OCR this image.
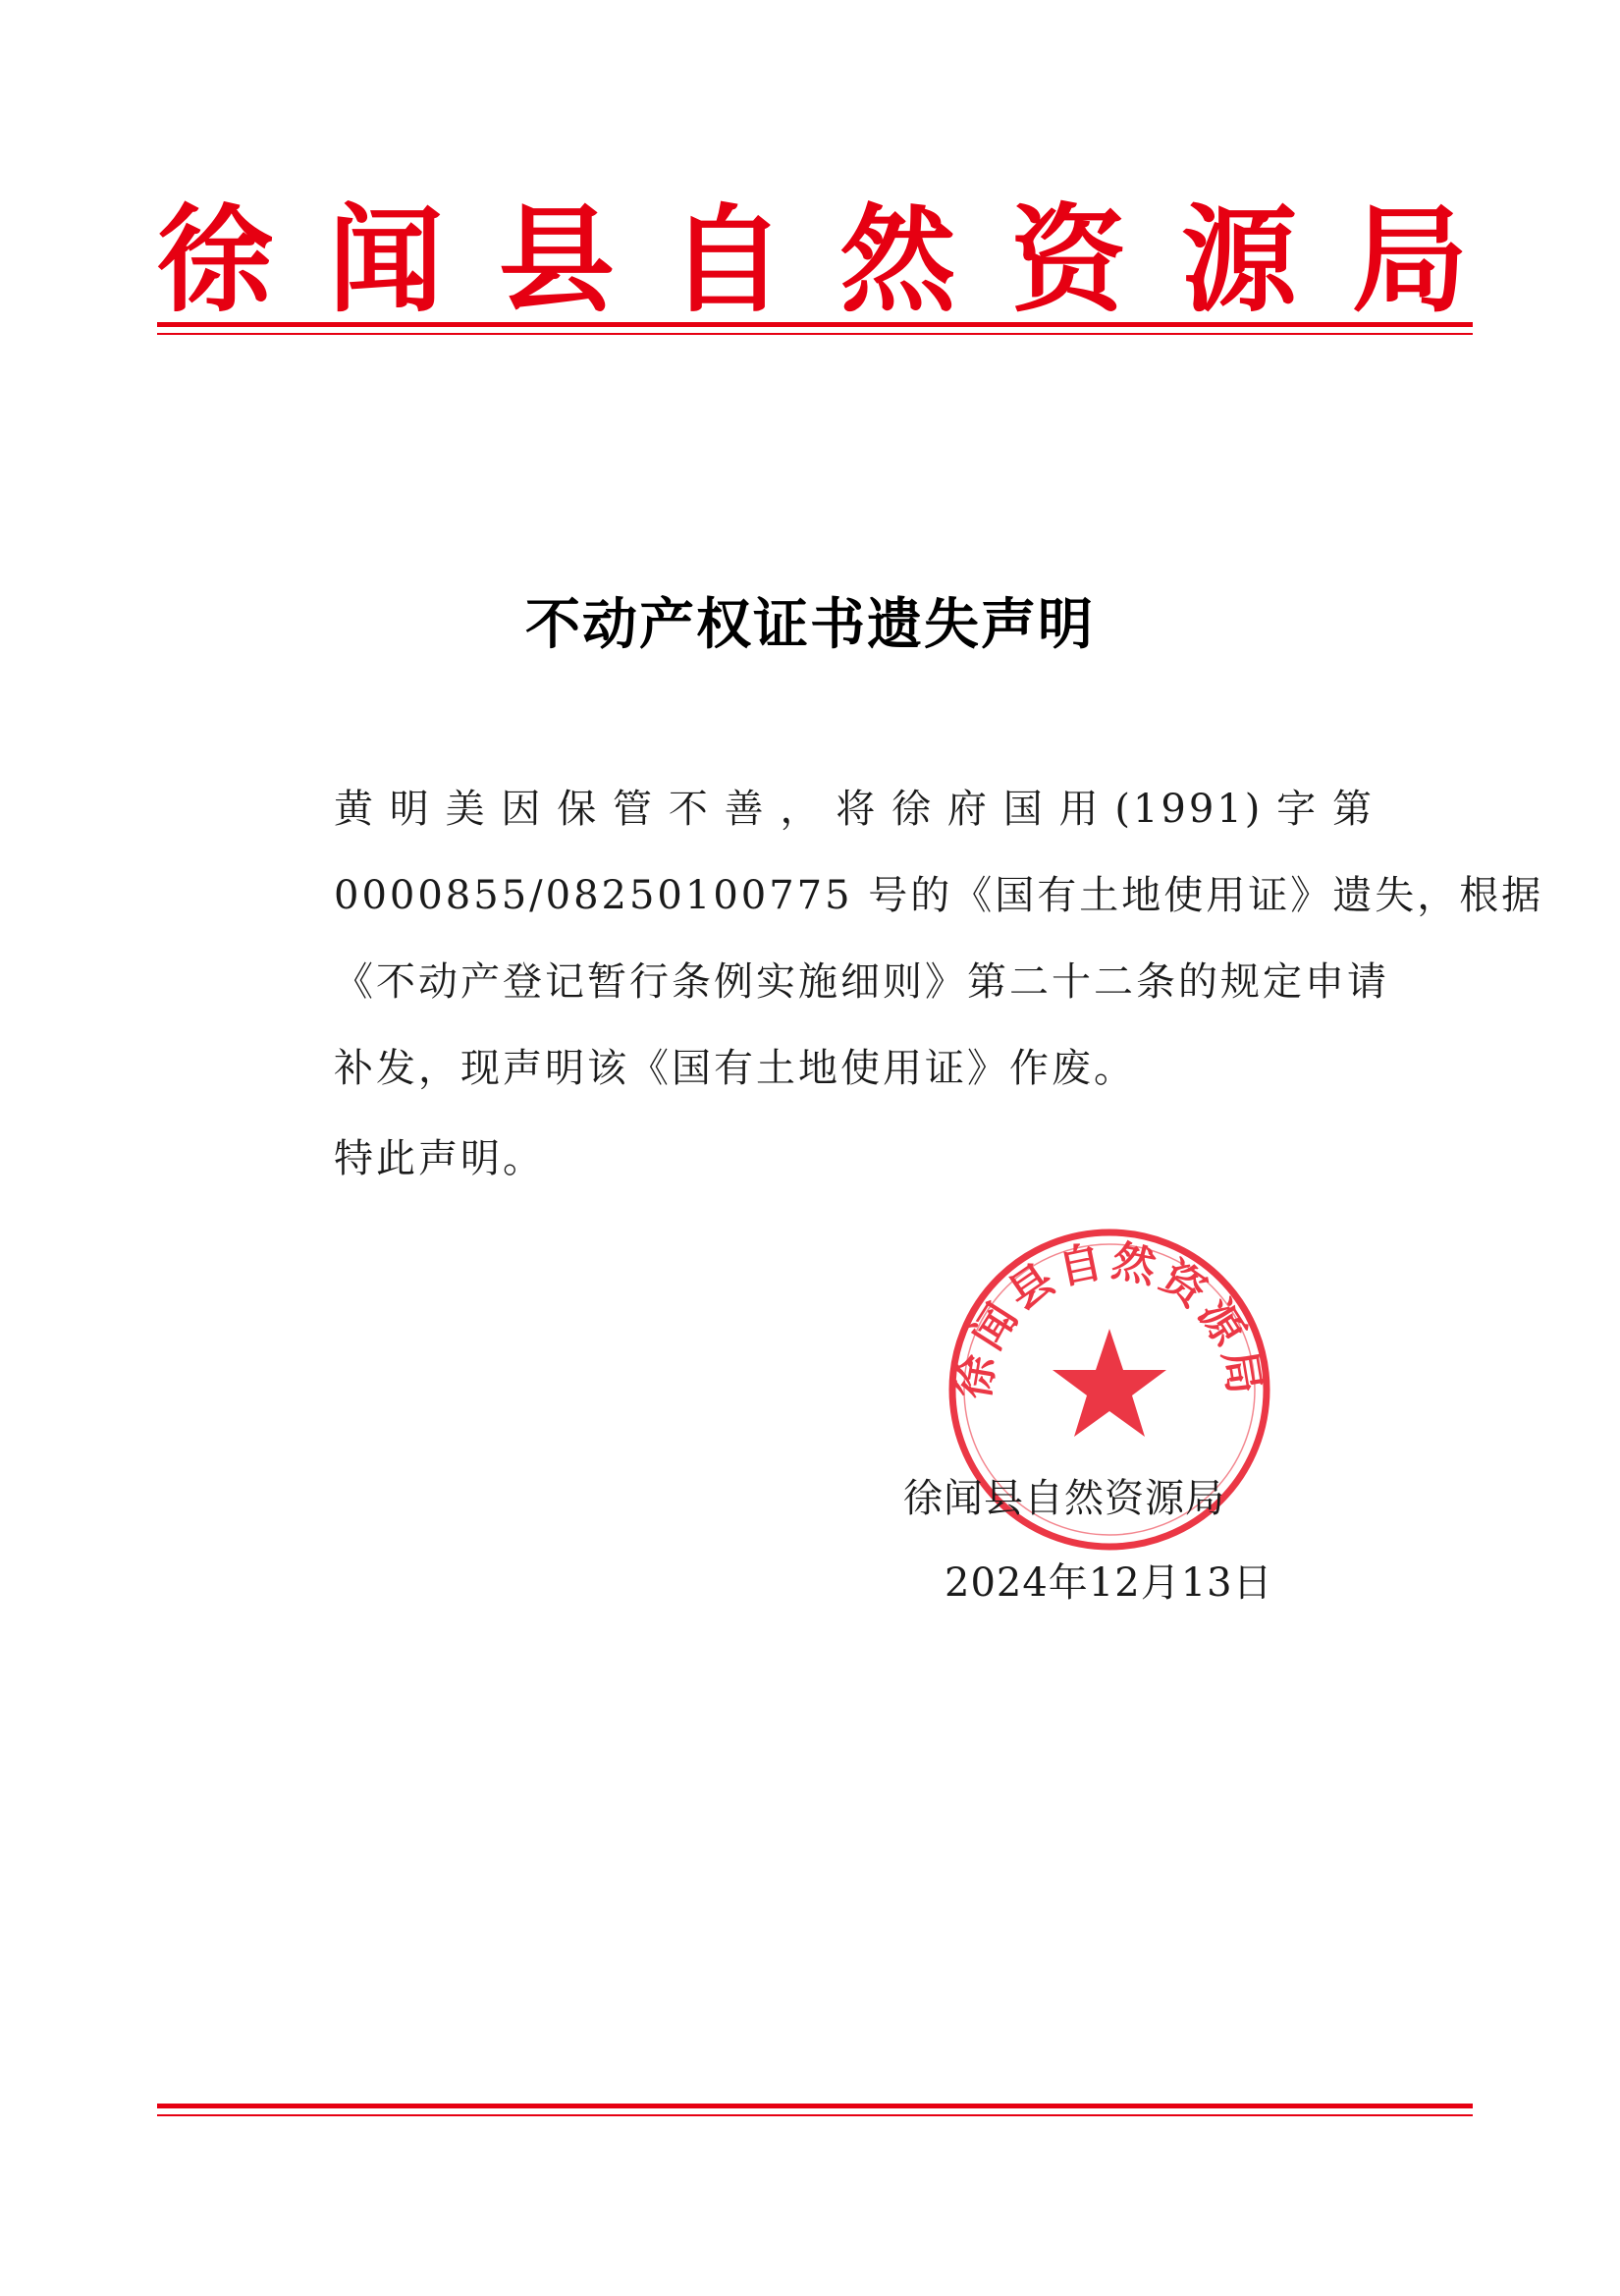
徐 闻 县 自 然 资 源 局
不动产权证书遗失声明
黄明美因保管不善，将徐府国用(1991)字第
0000855/08250100775 号的《国有土地使用证》遗失，根据
《不动产登记暂行条例实施细则》第二十二条的规定申请
补发，现声明该《国有土地使用证》作废。
特此声明。
徐闻县自然资源局
徐闻县自然资源局
2024年12月13日
